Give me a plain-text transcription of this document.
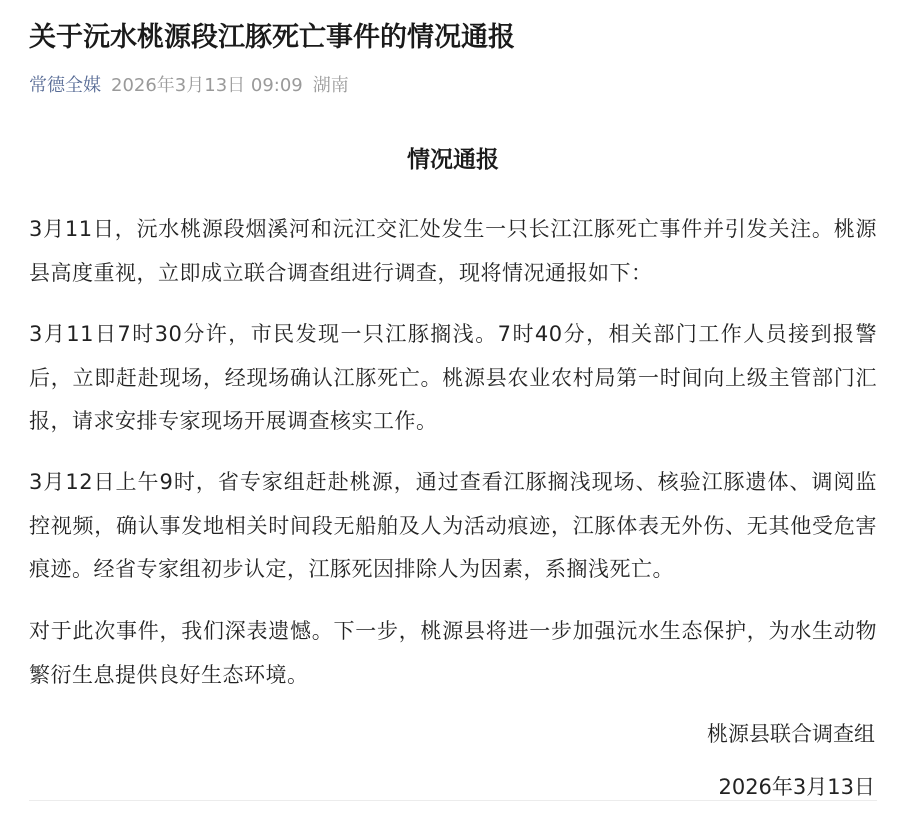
关于沅水桃源段江豚死亡事件的情况通报
常德全媒 2026年3月13日 09:09 湖南
情况通报

3月11日，沅水桃源段烟溪河和沅江交汇处发生一只长江江豚死亡事件并引发关注。桃源县高度重视，立即成立联合调查组进行调查，现将情况通报如下：

3月11日7时30分许，市民发现一只江豚搁浅。7时40分，相关部门工作人员接到报警后，立即赶赴现场，经现场确认江豚死亡。桃源县农业农村局第一时间向上级主管部门汇报，请求安排专家现场开展调查核实工作。

3月12日上午9时，省专家组赶赴桃源，通过查看江豚搁浅现场、核验江豚遗体、调阅监控视频，确认事发地相关时间段无船舶及人为活动痕迹，江豚体表无外伤、无其他受危害痕迹。经省专家组初步认定，江豚死因排除人为因素，系搁浅死亡。

对于此次事件，我们深表遗憾。下一步，桃源县将进一步加强沅水生态保护，为水生动物繁衍生息提供良好生态环境。

桃源县联合调查组
2026年3月13日
